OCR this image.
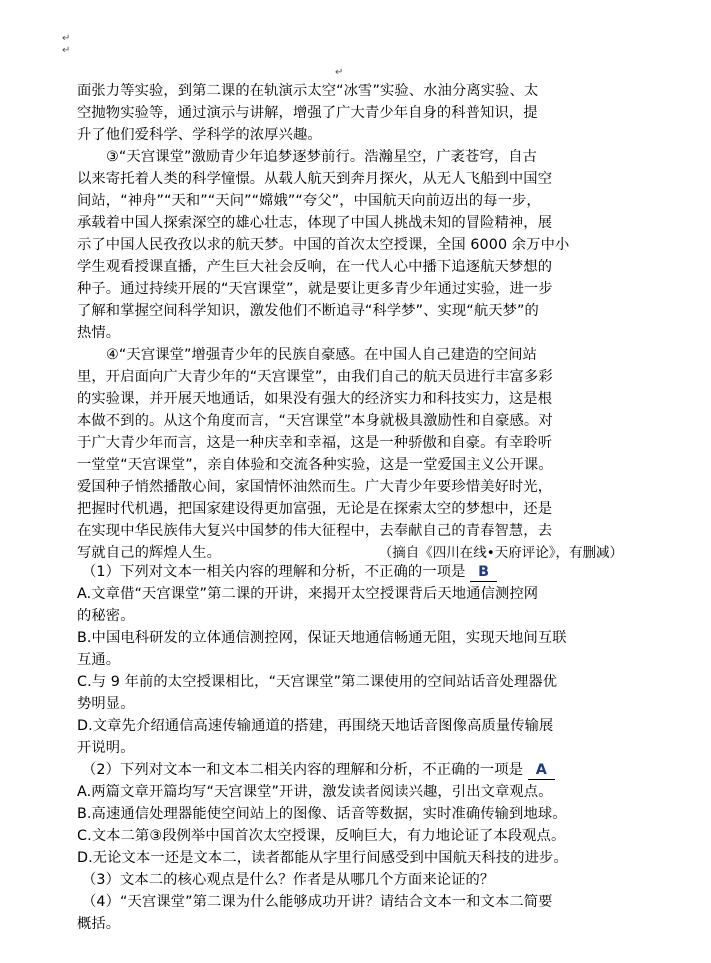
↵
↵
↵
面张力等实验，到第二课的在轨演示太空“冰雪”实验、水油分离实验、太
空抛物实验等，通过演示与讲解，增强了广大青少年自身的科普知识，提
升了他们爱科学、学科学的浓厚兴趣。
③“天宫课堂”激励青少年追梦逐梦前行。浩瀚星空，广袤苍穹，自古
以来寄托着人类的科学憧憬。从载人航天到奔月探火，从无人飞船到中国空
间站，“神舟”“天和”“天问”“嫦娥”“夸父”，中国航天向前迈出的每一步，
承载着中国人探索深空的雄心壮志，体现了中国人挑战未知的冒险精神，展
示了中国人民孜孜以求的航天梦。中国的首次太空授课，全国 6000 余万中小
学生观看授课直播，产生巨大社会反响，在一代人心中播下追逐航天梦想的
种子。通过持续开展的“天宫课堂”，就是要让更多青少年通过实验，进一步
了解和掌握空间科学知识，激发他们不断追寻“科学梦”、实现“航天梦”的
热情。
④“天宫课堂”增强青少年的民族自豪感。在中国人自己建造的空间站
里，开启面向广大青少年的“天宫课堂”，由我们自己的航天员进行丰富多彩
的实验课，并开展天地通话，如果没有强大的经济实力和科技实力，这是根
本做不到的。从这个角度而言，“天宫课堂”本身就极具激励性和自豪感。对
于广大青少年而言，这是一种庆幸和幸福，这是一种骄傲和自豪。有幸聆听
一堂堂“天宫课堂”，亲自体验和交流各种实验，这是一堂爱国主义公开课。
爱国种子悄然播散心间，家国情怀油然而生。广大青少年要珍惜美好时光，
把握时代机遇，把国家建设得更加富强，无论是在探索太空的梦想中，还是
在实现中华民族伟大复兴中国梦的伟大征程中，去奉献自己的青春智慧，去
写就自己的辉煌人生。	（摘自《四川在线•天府评论》，有删减）
（1）下列对文本一相关内容的理解和分析，不正确的一项是 B
A.文章借“天宫课堂”第二课的开讲，来揭开太空授课背后天地通信测控网
的秘密。
B.中国电科研发的立体通信测控网，保证天地通信畅通无阻，实现天地间互联
互通。
C.与 9 年前的太空授课相比，“天宫课堂”第二课使用的空间站话音处理器优
势明显。
D.文章先介绍通信高速传输通道的搭建，再围绕天地话音图像高质量传输展
开说明。
（2）下列对文本一和文本二相关内容的理解和分析，不正确的一项是 A
A.两篇文章开篇均写“天宫课堂”开讲，激发读者阅读兴趣，引出文章观点。
B.高速通信处理器能使空间站上的图像、话音等数据，实时准确传输到地球。
C.文本二第③段例举中国首次太空授课，反响巨大，有力地论证了本段观点。
D.无论文本一还是文本二，读者都能从字里行间感受到中国航天科技的进步。
（3）文本二的核心观点是什么？作者是从哪几个方面来论证的？
（4）“天宫课堂”第二课为什么能够成功开讲？请结合文本一和文本二简要
概括。
